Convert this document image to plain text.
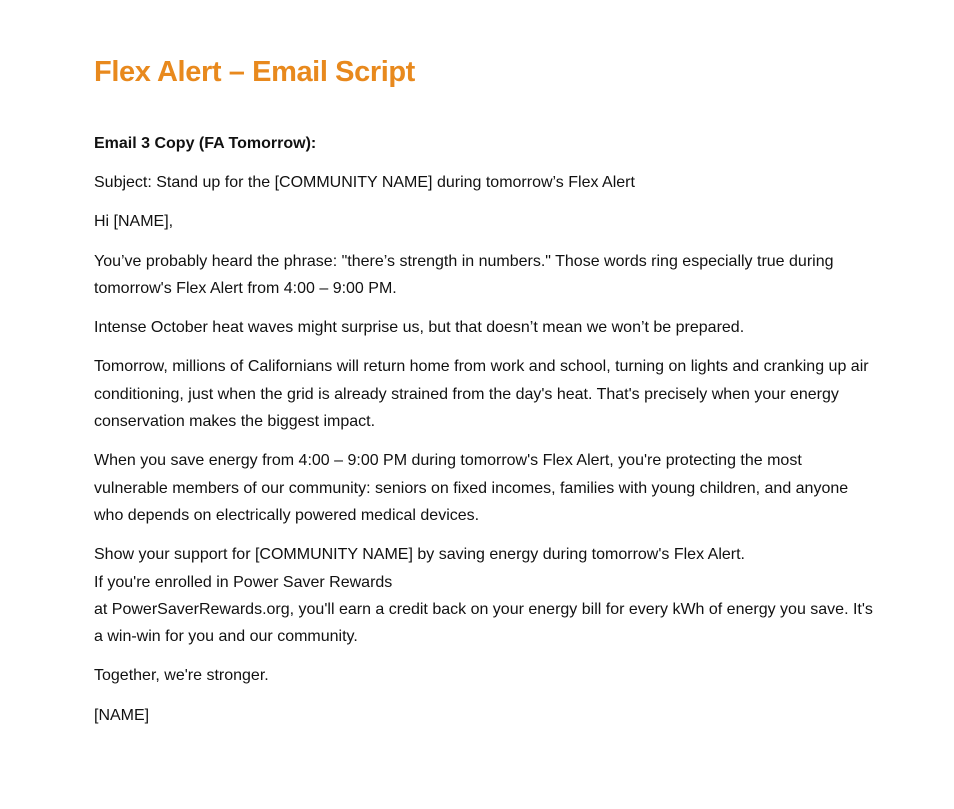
Flex Alert – Email Script
Email 3 Copy (FA Tomorrow):

Subject: Stand up for the [COMMUNITY NAME] during tomorrow’s Flex Alert

Hi [NAME],

You’ve probably heard the phrase: "there’s strength in numbers." Those words ring especially true during tomorrow's Flex Alert from 4:00 – 9:00 PM.

Intense October heat waves might surprise us, but that doesn’t mean we won’t be prepared.

Tomorrow, millions of Californians will return home from work and school, turning on lights and cranking up air conditioning, just when the grid is already strained from the day's heat. That's precisely when your energy conservation makes the biggest impact.

When you save energy from 4:00 – 9:00 PM during tomorrow's Flex Alert, you're protecting the most vulnerable members of our community: seniors on fixed incomes, families with young children, and anyone who depends on electrically powered medical devices.

Show your support for [COMMUNITY NAME] by saving energy during tomorrow's Flex Alert.
If you're enrolled in Power Saver Rewards
at PowerSaverRewards.org, you'll earn a credit back on your energy bill for every kWh of energy you save. It's a win-win for you and our community.

Together, we're stronger.

[NAME]
